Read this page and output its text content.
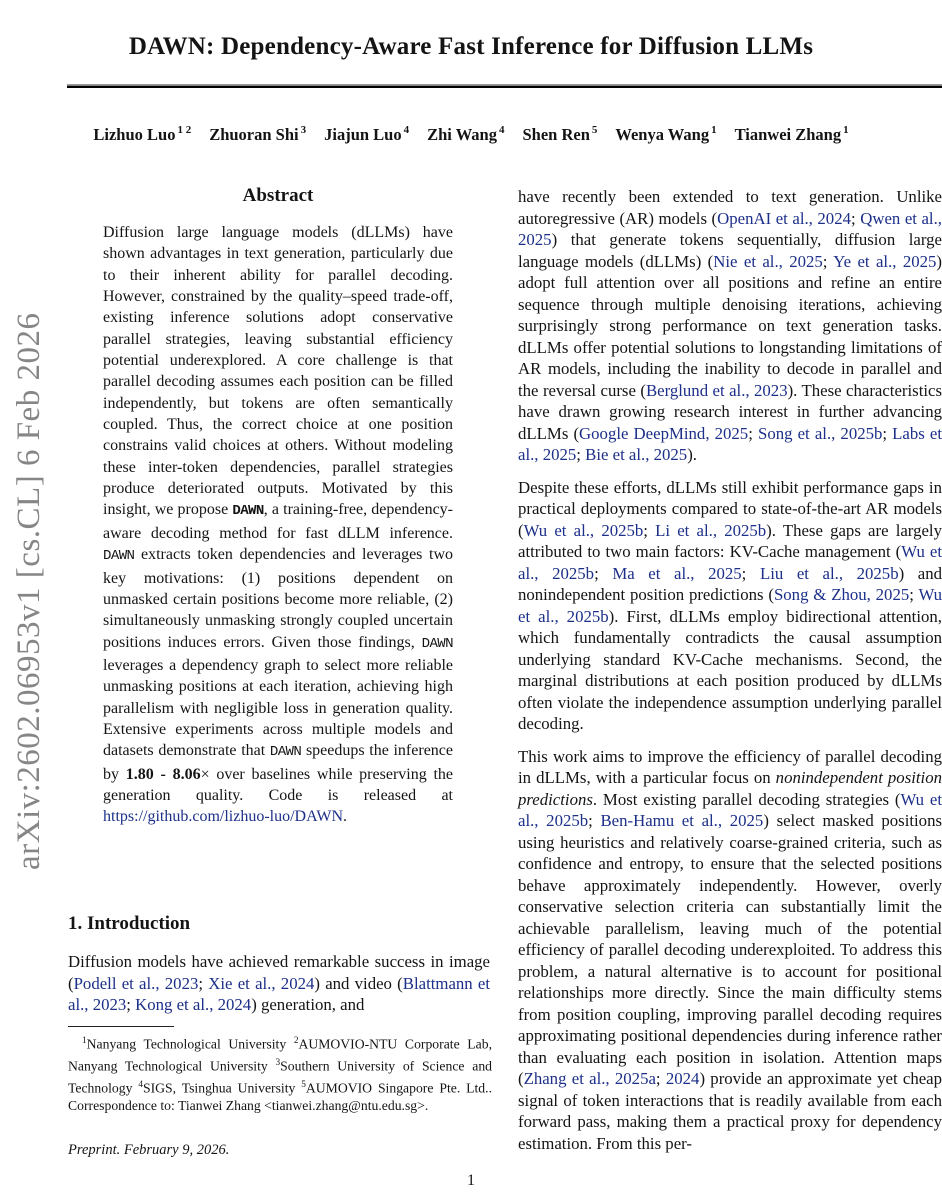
arXiv:2602.06953v1 [cs.CL] 6 Feb 2026
DAWN: Dependency-Aware Fast Inference for Diffusion LLMs
Lizhuo Luo $^{1 2}$ Zhuoran Shi $^3$ Jiajun Luo $^4$ Zhi Wang $^4$ Shen Ren $^5$ Wenya Wang $^1$ Tianwei Zhang $^1$
Abstract
Diffusion large language models (dLLMs) have shown advantages in text generation, particularly due to their inherent ability for parallel decoding. However, constrained by the quality–speed trade-off, existing inference solutions adopt conservative parallel strategies, leaving substantial efficiency potential underexplored. A core challenge is that parallel decoding assumes each position can be filled independently, but tokens are often semantically coupled. Thus, the correct choice at one position constrains valid choices at others. Without modeling these inter-token dependencies, parallel strategies produce deteriorated outputs. Motivated by this insight, we propose DAWN, a training-free, dependency-aware decoding method for fast dLLM inference. DAWN extracts token dependencies and leverages two key motivations: (1) positions dependent on unmasked certain positions become more reliable, (2) simultaneously unmasking strongly coupled uncertain positions induces errors. Given those findings, DAWN leverages a dependency graph to select more reliable unmasking positions at each iteration, achieving high parallelism with negligible loss in generation quality. Extensive experiments across multiple models and datasets demonstrate that DAWN speedups the inference by 1.80 - 8.06× over baselines while preserving the generation quality. Code is released at https://github.com/lizhuo-luo/DAWN.
1. Introduction
Diffusion models have achieved remarkable success in image (Podell et al., 2023; Xie et al., 2024) and video (Blattmann et al., 2023; Kong et al., 2024) generation, and
$^1$Nanyang Technological University $^2$AUMOVIO-NTU Corporate Lab, Nanyang Technological University $^3$Southern University of Science and Technology $^4$SIGS, Tsinghua University $^5$AUMOVIO Singapore Pte. Ltd.. Correspondence to: Tianwei Zhang <tianwei.zhang@ntu.edu.sg>.
Preprint. February 9, 2026.

have recently been extended to text generation. Unlike autoregressive (AR) models (OpenAI et al., 2024; Qwen et al., 2025) that generate tokens sequentially, diffusion large language models (dLLMs) (Nie et al., 2025; Ye et al., 2025) adopt full attention over all positions and refine an entire sequence through multiple denoising iterations, achieving surprisingly strong performance on text generation tasks. dLLMs offer potential solutions to longstanding limitations of AR models, including the inability to decode in parallel and the reversal curse (Berglund et al., 2023). These characteristics have drawn growing research interest in further advancing dLLMs (Google DeepMind, 2025; Song et al., 2025b; Labs et al., 2025; Bie et al., 2025).

Despite these efforts, dLLMs still exhibit performance gaps in practical deployments compared to state-of-the-art AR models (Wu et al., 2025b; Li et al., 2025b). These gaps are largely attributed to two main factors: KV-Cache management (Wu et al., 2025b; Ma et al., 2025; Liu et al., 2025b) and nonindependent position predictions (Song & Zhou, 2025; Wu et al., 2025b). First, dLLMs employ bidirectional attention, which fundamentally contradicts the causal assumption underlying standard KV-Cache mechanisms. Second, the marginal distributions at each position produced by dLLMs often violate the independence assumption underlying parallel decoding.

This work aims to improve the efficiency of parallel decoding in dLLMs, with a particular focus on nonindependent position predictions. Most existing parallel decoding strategies (Wu et al., 2025b; Ben-Hamu et al., 2025) select masked positions using heuristics and relatively coarse-grained criteria, such as confidence and entropy, to ensure that the selected positions behave approximately independently. However, overly conservative selection criteria can substantially limit the achievable parallelism, leaving much of the potential efficiency of parallel decoding underexploited. To address this problem, a natural alternative is to account for positional relationships more directly. Since the main difficulty stems from position coupling, improving parallel decoding requires approximating positional dependencies during inference rather than evaluating each position in isolation. Attention maps (Zhang et al., 2025a; 2024) provide an approximate yet cheap signal of token interactions that is readily available from each forward pass, making them a practical proxy for dependency estimation. From this per-

1
